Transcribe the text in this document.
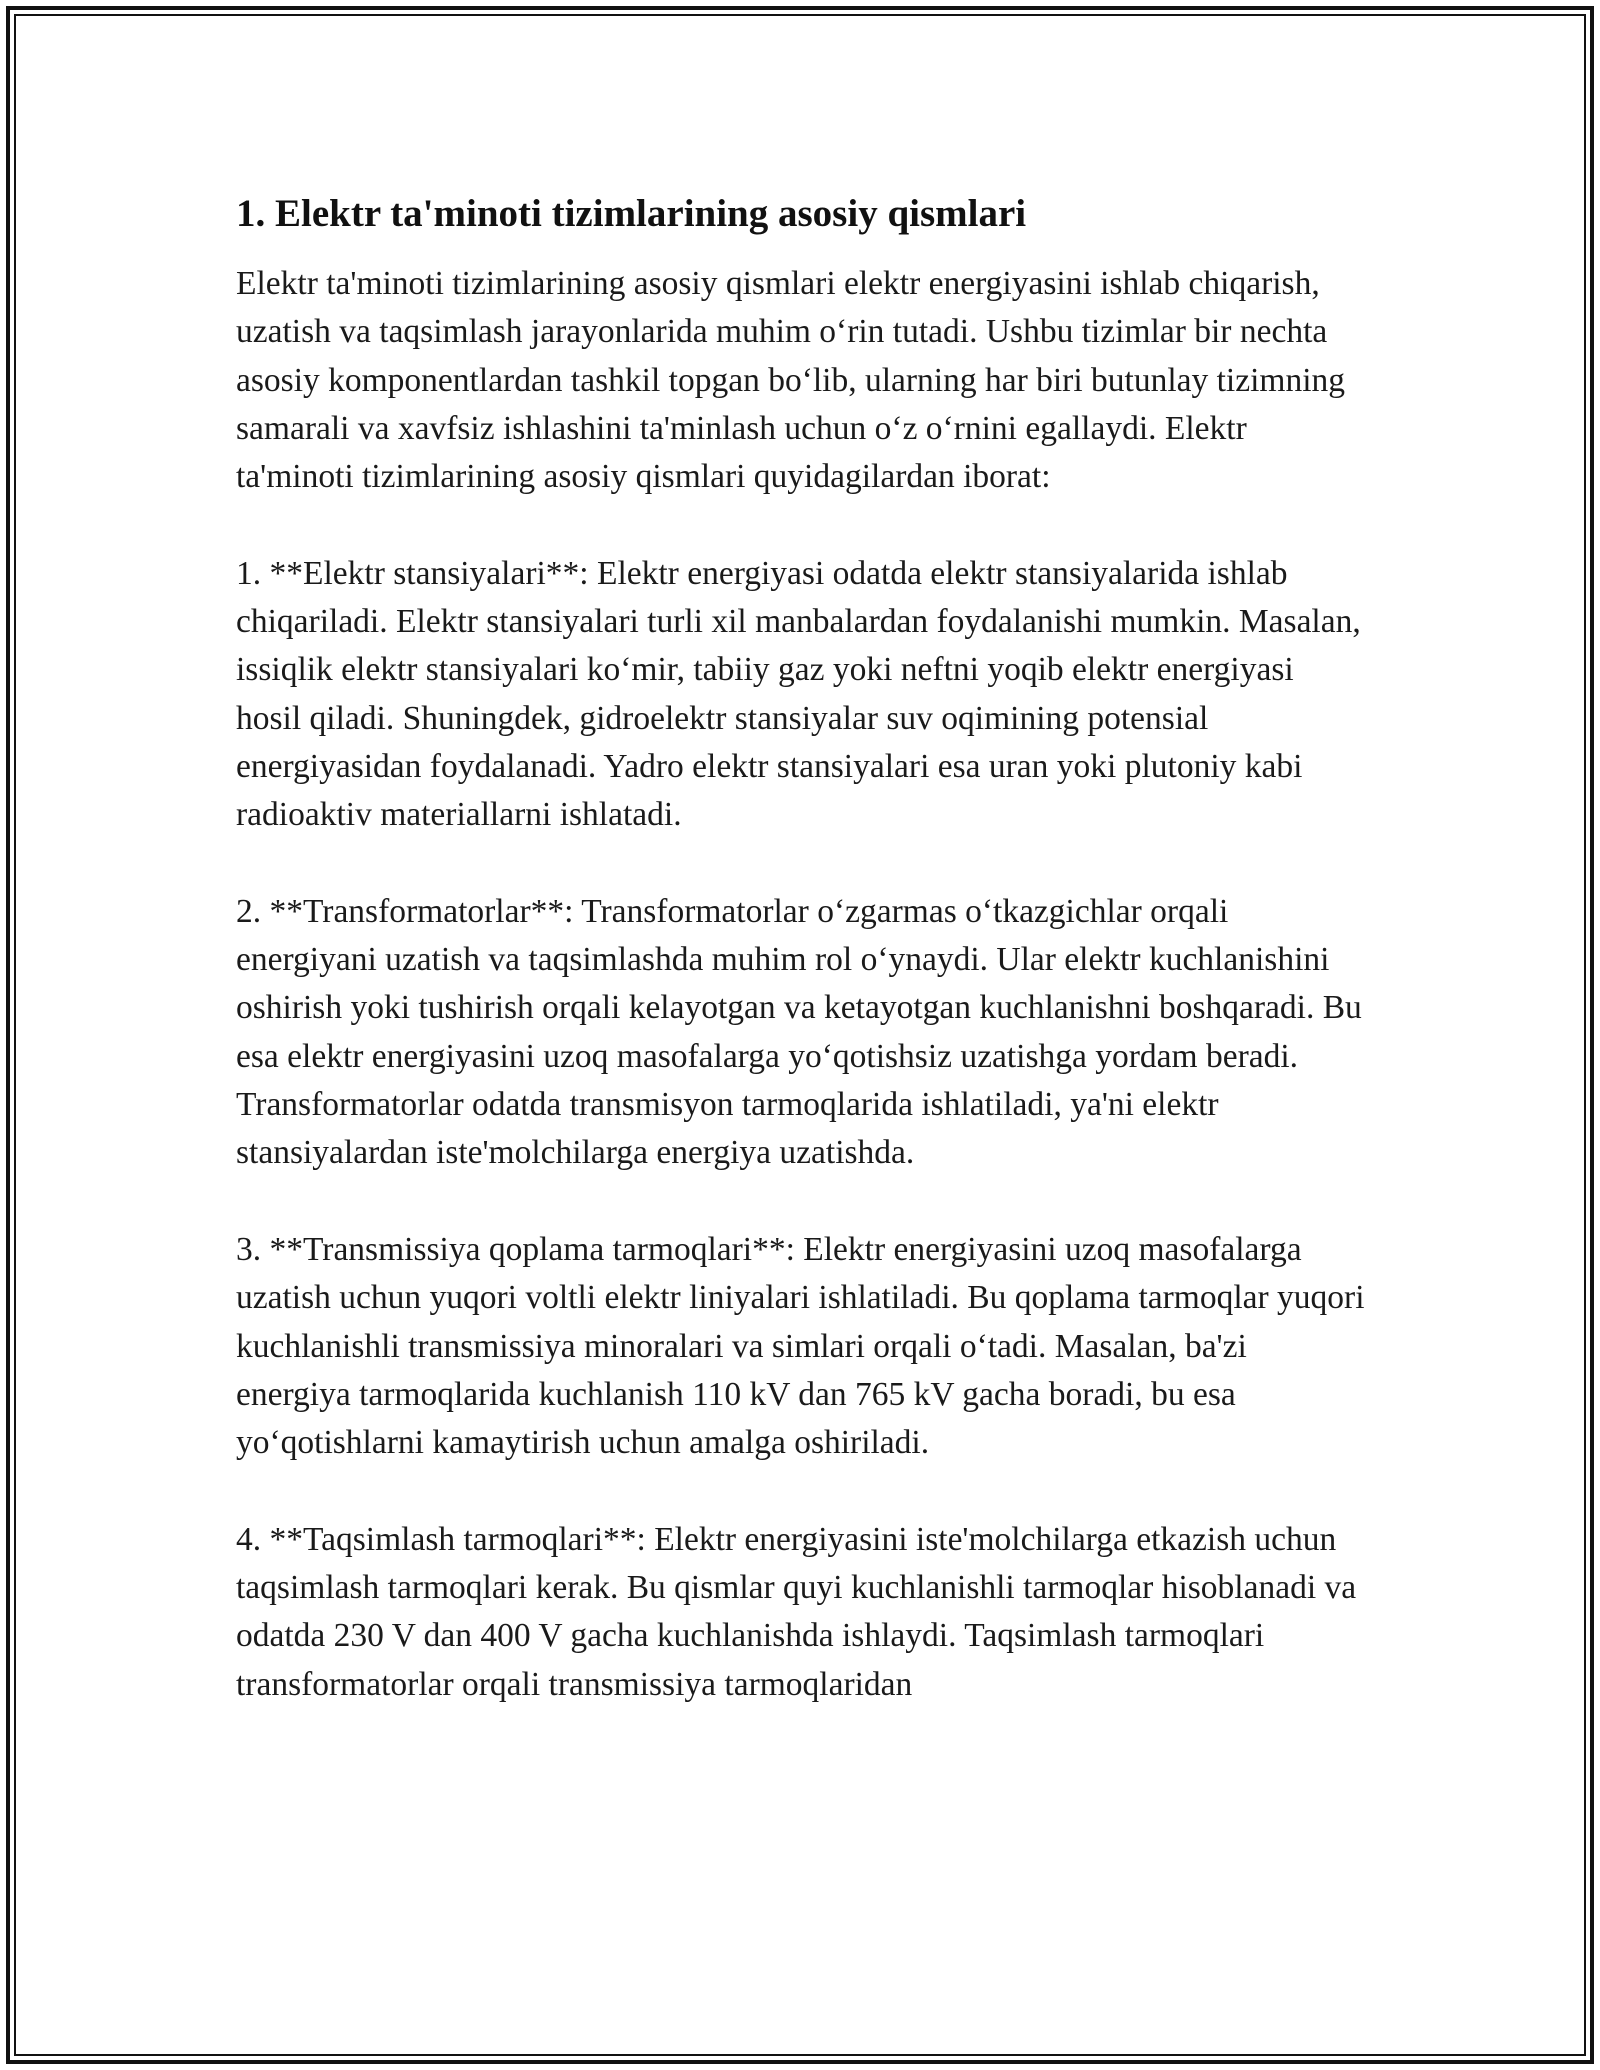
1. Elektr ta'minoti tizimlarining asosiy qismlari

Elektr ta'minoti tizimlarining asosiy qismlari elektr energiyasini ishlab chiqarish, uzatish va taqsimlash jarayonlarida muhim o‘rin tutadi. Ushbu tizimlar bir nechta asosiy komponentlardan tashkil topgan bo‘lib, ularning har biri butunlay tizimning samarali va xavfsiz ishlashini ta'minlash uchun o‘z o‘rnini egallaydi. Elektr ta'minoti tizimlarining asosiy qismlari quyidagilardan iborat:

1. **Elektr stansiyalari**: Elektr energiyasi odatda elektr stansiyalarida ishlab chiqariladi. Elektr stansiyalari turli xil manbalardan foydalanishi mumkin. Masalan, issiqlik elektr stansiyalari ko‘mir, tabiiy gaz yoki neftni yoqib elektr energiyasi hosil qiladi. Shuningdek, gidroelektr stansiyalar suv oqimining potensial energiyasidan foydalanadi. Yadro elektr stansiyalari esa uran yoki plutoniy kabi radioaktiv materiallarni ishlatadi.

2. **Transformatorlar**: Transformatorlar o‘zgarmas o‘tkazgichlar orqali energiyani uzatish va taqsimlashda muhim rol o‘ynaydi. Ular elektr kuchlanishini oshirish yoki tushirish orqali kelayotgan va ketayotgan kuchlanishni boshqaradi. Bu esa elektr energiyasini uzoq masofalarga yo‘qotishsiz uzatishga yordam beradi. Transformatorlar odatda transmisyon tarmoqlarida ishlatiladi, ya'ni elektr stansiyalardan iste'molchilarga energiya uzatishda.

3. **Transmissiya qoplama tarmoqlari**: Elektr energiyasini uzoq masofalarga uzatish uchun yuqori voltli elektr liniyalari ishlatiladi. Bu qoplama tarmoqlar yuqori kuchlanishli transmissiya minoralari va simlari orqali o‘tadi. Masalan, ba'zi energiya tarmoqlarida kuchlanish 110 kV dan 765 kV gacha boradi, bu esa yo‘qotishlarni kamaytirish uchun amalga oshiriladi.

4. **Taqsimlash tarmoqlari**: Elektr energiyasini iste'molchilarga etkazish uchun taqsimlash tarmoqlari kerak. Bu qismlar quyi kuchlanishli tarmoqlar hisoblanadi va odatda 230 V dan 400 V gacha kuchlanishda ishlaydi. Taqsimlash tarmoqlari transformatorlar orqali transmissiya tarmoqlaridan
